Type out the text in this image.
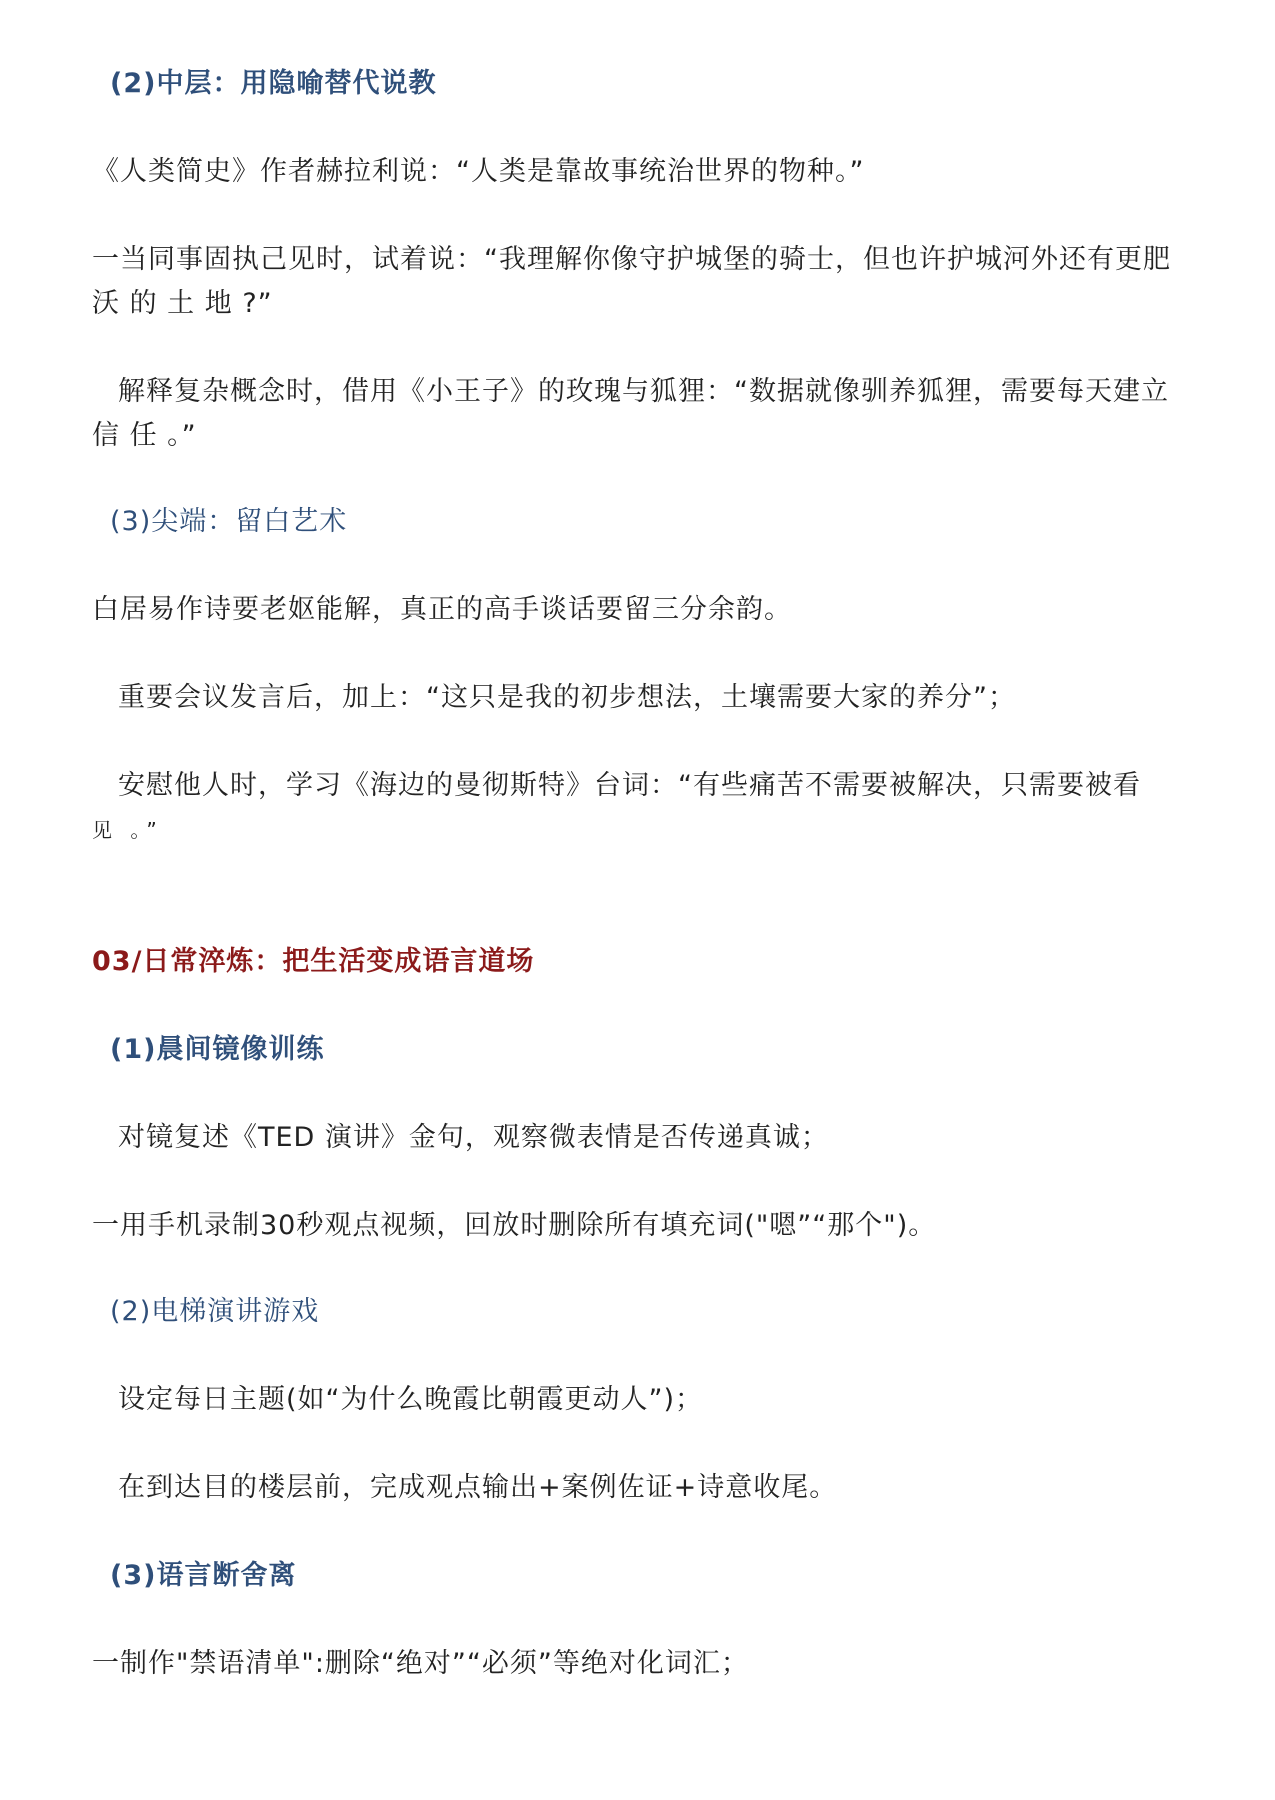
(2)中层：用隐喻替代说教
《人类简史》作者赫拉利说：“人类是靠故事统治世界的物种。”
一当同事固执己见时，试着说：“我理解你像守护城堡的骑士，但也许护城河外还有更肥
沃 的 土 地 ?”
解释复杂概念时，借用《小王子》的玫瑰与狐狸：“数据就像驯养狐狸，需要每天建立
信 任 。”
(3)尖端：留白艺术
白居易作诗要老妪能解，真正的高手谈话要留三分余韵。
重要会议发言后，加上：“这只是我的初步想法，土壤需要大家的养分”；
安慰他人时，学习《海边的曼彻斯特》台词：“有些痛苦不需要被解决，只需要被看
见 。”
03/日常淬炼：把生活变成语言道场
(1)晨间镜像训练
对镜复述《TED 演讲》金句，观察微表情是否传递真诚；
一用手机录制30秒观点视频，回放时删除所有填充词("嗯”“那个")。
(2)电梯演讲游戏
设定每日主题(如“为什么晚霞比朝霞更动人”)；
在到达目的楼层前，完成观点输出+案例佐证+诗意收尾。
(3)语言断舍离
一制作"禁语清单":删除“绝对”“必须”等绝对化词汇；
